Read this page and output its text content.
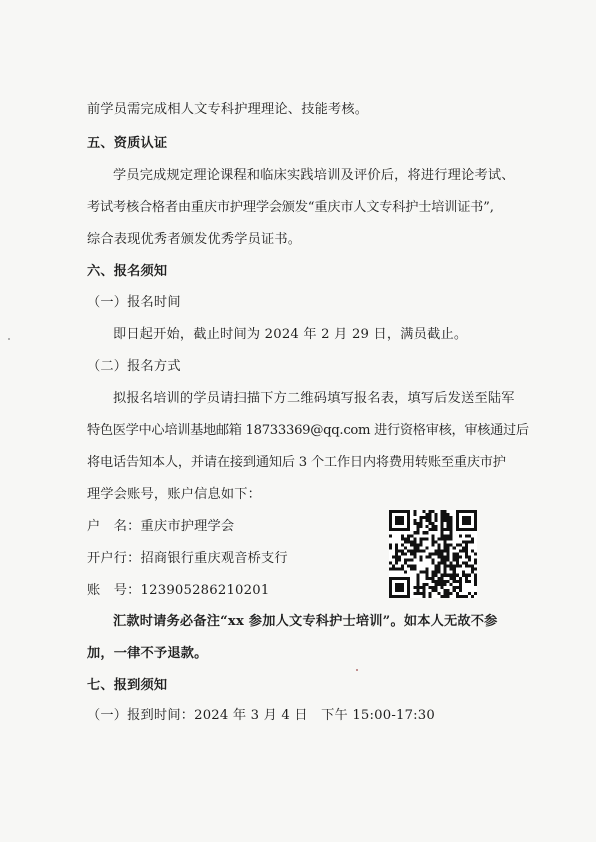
前学员需完成相人文专科护理理论、技能考核。
五、资质认证
学员完成规定理论课程和临床实践培训及评价后，将进行理论考试、
考试考核合格者由重庆市护理学会颁发“重庆市人文专科护士培训证书”,
综合表现优秀者颁发优秀学员证书。
六、报名须知
（一）报名时间
即日起开始，截止时间为 2024 年 2 月 29 日，满员截止。
（二）报名方式
拟报名培训的学员请扫描下方二维码填写报名表，填写后发送至陆军
特色医学中心培训基地邮箱 18733369@qq.com 进行资格审核，审核通过后
将电话告知本人，并请在接到通知后 3 个工作日内将费用转账至重庆市护
理学会账号，账户信息如下：
户　名：重庆市护理学会
开户行：招商银行重庆观音桥支行
账　号：123905286210201
汇款时请务必备注“xx 参加人文专科护士培训”。如本人无故不参
加，一律不予退款。
七、报到须知
（一）报到时间：2024 年 3 月 4 日　下午 15:00-17:30
